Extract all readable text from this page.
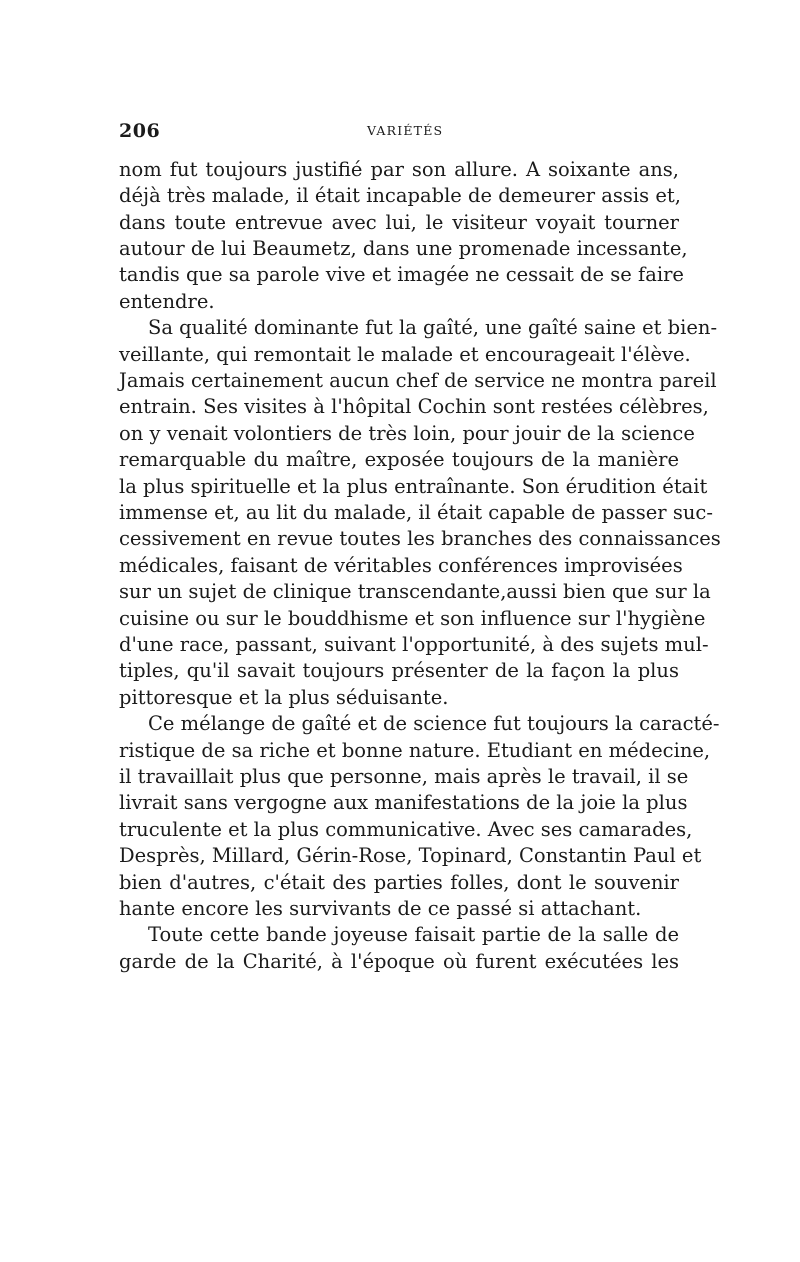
206	VARIÉTÉS
nom fut toujours justifié par son allure. A soixante ans,
déjà très malade, il était incapable de demeurer assis et,
dans toute entrevue avec lui, le visiteur voyait tourner
autour de lui Beaumetz, dans une promenade incessante,
tandis que sa parole vive et imagée ne cessait de se faire
entendre.
Sa qualité dominante fut la gaîté, une gaîté saine et bien-
veillante, qui remontait le malade et encourageait l'élève.
Jamais certainement aucun chef de service ne montra pareil
entrain. Ses visites à l'hôpital Cochin sont restées célèbres,
on y venait volontiers de très loin, pour jouir de la science
remarquable du maître, exposée toujours de la manière
la plus spirituelle et la plus entraînante. Son érudition était
immense et, au lit du malade, il était capable de passer suc-
cessivement en revue toutes les branches des connaissances
médicales, faisant de véritables conférences improvisées
sur un sujet de clinique transcendante,aussi bien que sur la
cuisine ou sur le bouddhisme et son influence sur l'hygiène
d'une race, passant, suivant l'opportunité, à des sujets mul-
tiples, qu'il savait toujours présenter de la façon la plus
pittoresque et la plus séduisante.
Ce mélange de gaîté et de science fut toujours la caracté-
ristique de sa riche et bonne nature. Etudiant en médecine,
il travaillait plus que personne, mais après le travail, il se
livrait sans vergogne aux manifestations de la joie la plus
truculente et la plus communicative. Avec ses camarades,
Desprès, Millard, Gérin-Rose, Topinard, Constantin Paul et
bien d'autres, c'était des parties folles, dont le souvenir
hante encore les survivants de ce passé si attachant.
Toute cette bande joyeuse faisait partie de la salle de
garde de la Charité, à l'époque où furent exécutées les
